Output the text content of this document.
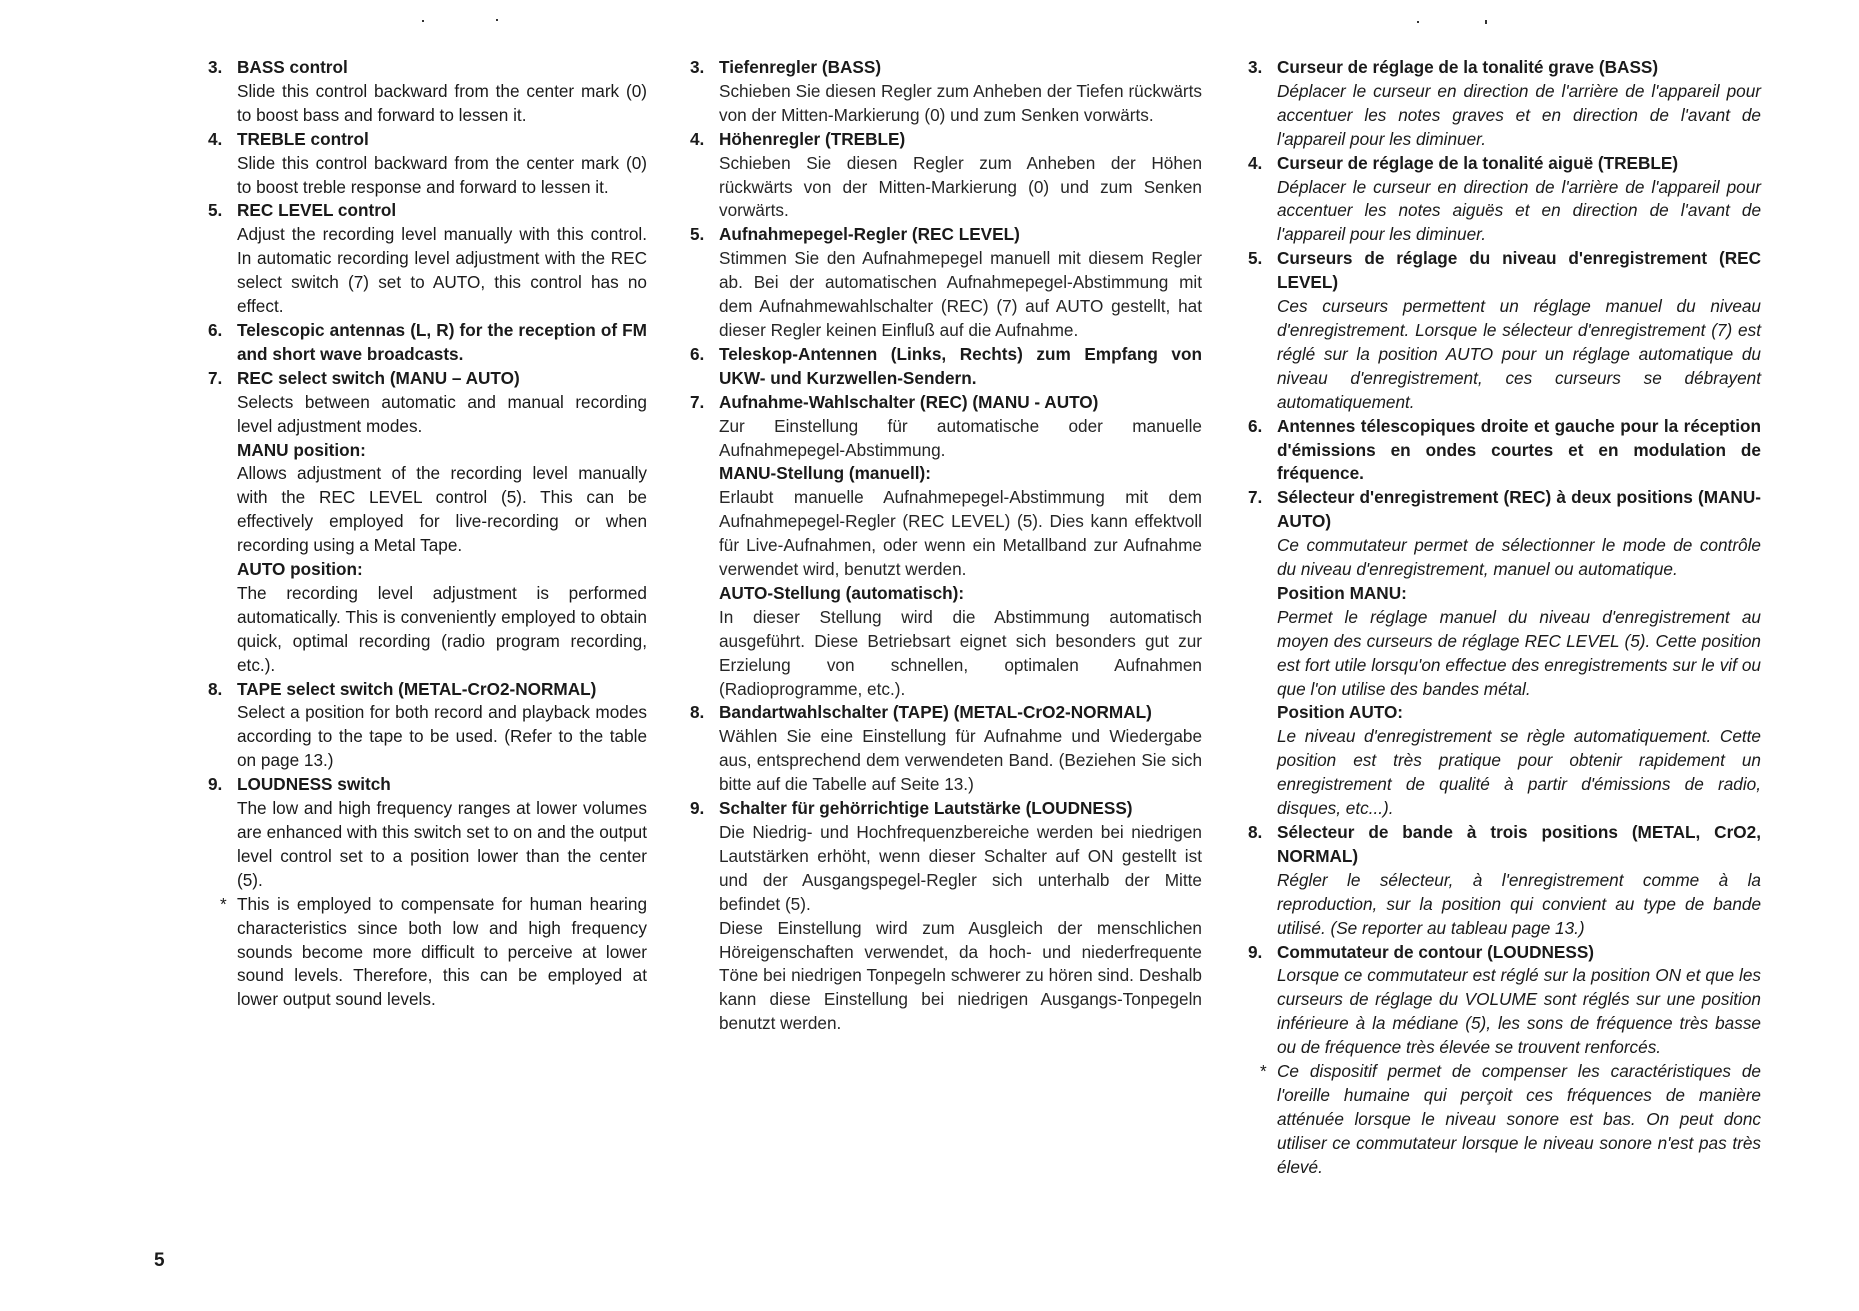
3. BASS control
Slide this control backward from the center mark (0) to boost bass and forward to lessen it.
4. TREBLE control
Slide this control backward from the center mark (0) to boost treble response and forward to lessen it.
5. REC LEVEL control
Adjust the recording level manually with this control. In automatic recording level adjustment with the REC select switch (7) set to AUTO, this control has no effect.
6. Telescopic antennas (L, R) for the reception of FM and short wave broadcasts.
7. REC select switch (MANU – AUTO)
Selects between automatic and manual recording level adjustment modes.
MANU position:
Allows adjustment of the recording level manually with the REC LEVEL control (5). This can be effectively employed for live-recording or when recording using a Metal Tape.
AUTO position:
The recording level adjustment is performed automatically. This is conveniently employed to obtain quick, optimal recording (radio program recording, etc.).
8. TAPE select switch (METAL-CrO2-NORMAL)
Select a position for both record and playback modes according to the tape to be used. (Refer to the table on page 13.)
9. LOUDNESS switch
The low and high frequency ranges at lower volumes are enhanced with this switch set to on and the output level control set to a position lower than the center (5).
* This is employed to compensate for human hearing characteristics since both low and high frequency sounds become more difficult to perceive at lower sound levels. Therefore, this can be employed at lower output sound levels.
3. Tiefenregler (BASS)
Schieben Sie diesen Regler zum Anheben der Tiefen rückwärts von der Mitten-Markierung (0) und zum Senken vorwärts.
4. Höhenregler (TREBLE)
Schieben Sie diesen Regler zum Anheben der Höhen rückwärts von der Mitten-Markierung (0) und zum Senken vorwärts.
5. Aufnahmepegel-Regler (REC LEVEL)
Stimmen Sie den Aufnahmepegel manuell mit diesem Regler ab. Bei der automatischen Aufnahmepegel-Abstimmung mit dem Aufnahmewahlschalter (REC) (7) auf AUTO gestellt, hat dieser Regler keinen Einfluß auf die Aufnahme.
6. Teleskop-Antennen (Links, Rechts) zum Empfang von UKW- und Kurzwellen-Sendern.
7. Aufnahme-Wahlschalter (REC) (MANU - AUTO)
Zur Einstellung für automatische oder manuelle Aufnahmepegel-Abstimmung.
MANU-Stellung (manuell):
Erlaubt manuelle Aufnahmepegel-Abstimmung mit dem Aufnahmepegel-Regler (REC LEVEL) (5). Dies kann effektvoll für Live-Aufnahmen, oder wenn ein Metallband zur Aufnahme verwendet wird, benutzt werden.
AUTO-Stellung (automatisch):
In dieser Stellung wird die Abstimmung automatisch ausgeführt. Diese Betriebsart eignet sich besonders gut zur Erzielung von schnellen, optimalen Aufnahmen (Radioprogramme, etc.).
8. Bandartwahlschalter (TAPE) (METAL-CrO2-NORMAL)
Wählen Sie eine Einstellung für Aufnahme und Wiedergabe aus, entsprechend dem verwendeten Band. (Beziehen Sie sich bitte auf die Tabelle auf Seite 13.)
9. Schalter für gehörrichtige Lautstärke (LOUDNESS)
Die Niedrig- und Hochfrequenzbereiche werden bei niedrigen Lautstärken erhöht, wenn dieser Schalter auf ON gestellt ist und der Ausgangspegel-Regler sich unterhalb der Mitte befindet (5).
Diese Einstellung wird zum Ausgleich der menschlichen Höreigenschaften verwendet, da hoch- und niederfrequente Töne bei niedrigen Tonpegeln schwerer zu hören sind. Deshalb kann diese Einstellung bei niedrigen Ausgangs-Tonpegeln benutzt werden.
3. Curseur de réglage de la tonalité grave (BASS)
Déplacer le curseur en direction de l'arrière de l'appareil pour accentuer les notes graves et en direction de l'avant de l'appareil pour les diminuer.
4. Curseur de réglage de la tonalité aiguë (TREBLE)
Déplacer le curseur en direction de l'arrière de l'appareil pour accentuer les notes aiguës et en direction de l'avant de l'appareil pour les diminuer.
5. Curseurs de réglage du niveau d'enregistrement (REC LEVEL)
Ces curseurs permettent un réglage manuel du niveau d'enregistrement. Lorsque le sélecteur d'enregistrement (7) est réglé sur la position AUTO pour un réglage automatique du niveau d'enregistrement, ces curseurs se débrayent automatiquement.
6. Antennes télescopiques droite et gauche pour la réception d'émissions en ondes courtes et en modulation de fréquence.
7. Sélecteur d'enregistrement (REC) à deux positions (MANU-AUTO)
Ce commutateur permet de sélectionner le mode de contrôle du niveau d'enregistrement, manuel ou automatique.
Position MANU:
Permet le réglage manuel du niveau d'enregistrement au moyen des curseurs de réglage REC LEVEL (5). Cette position est fort utile lorsqu'on effectue des enregistrements sur le vif ou que l'on utilise des bandes métal.
Position AUTO:
Le niveau d'enregistrement se règle automatiquement. Cette position est très pratique pour obtenir rapidement un enregistrement de qualité à partir d'émissions de radio, disques, etc...).
8. Sélecteur de bande à trois positions (METAL, CrO2, NORMAL)
Régler le sélecteur, à l'enregistrement comme à la reproduction, sur la position qui convient au type de bande utilisé. (Se reporter au tableau page 13.)
9. Commutateur de contour (LOUDNESS)
Lorsque ce commutateur est réglé sur la position ON et que les curseurs de réglage du VOLUME sont réglés sur une position inférieure à la médiane (5), les sons de fréquence très basse ou de fréquence très élevée se trouvent renforcés.
* Ce dispositif permet de compenser les caractéristiques de l'oreille humaine qui perçoit ces fréquences de manière atténuée lorsque le niveau sonore est bas. On peut donc utiliser ce commutateur lorsque le niveau sonore n'est pas très élevé.
5
